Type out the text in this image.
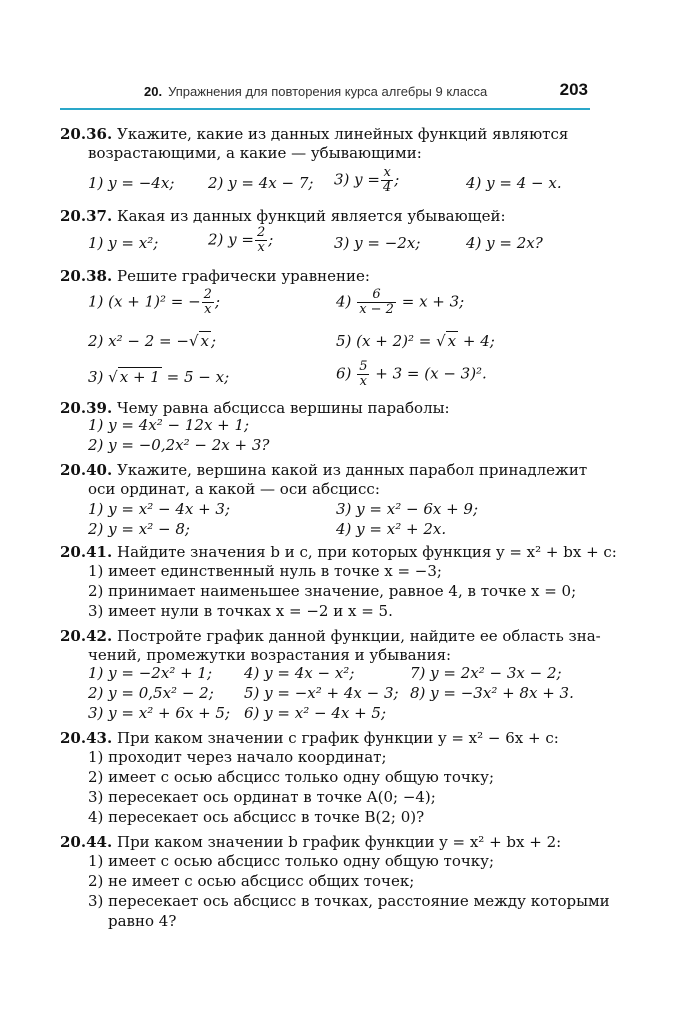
20. Упражнения для повторения курса алгебры 9 класса	203
20.36. Укажите, какие из данных линейных функций являются
возрастающими, а какие — убывающими:
1) y = −4x; 2) y = 4x − 7; 3) $y = \frac{x}{4}$ ;	4) y = 4 − x.
20.37. Какая из данных функций является убывающей:
1) y = x²;	2) $y = \frac{2}{x}$ ;	3) y = −2x;	4) y = 2x?
20.38. Решите графически уравнение:
1) (x + 1)² = − $\frac{2}{x}$ ;	$4) \frac{6}{x - 2} = x + 3$;
2) x² − 2 = −√ x ;	5) (x + 2)² = √ x + 4;
3) √ x + 1 = 5 − x;	$6) \frac{5}{x} + 3 = (x - 3)^2$.
20.39. Чему равна абсцисса вершины параболы:
1) y = 4x² − 12x + 1;
2) y = −0,2x² − 2x + 3?
20.40. Укажите, вершина какой из данных парабол принадлежит
оси ординат, а какой — оси абсцисс:
1) y = x² − 4x + 3;	3) y = x² − 6x + 9;
2) y = x² − 8;	4) y = x² + 2x.
20.41. Найдите значения b и c, при которых функция y = x² + bx + c:
1) имеет единственный нуль в точке x = −3;
2) принимает наименьшее значение, равное 4, в точке x = 0;
3) имеет нули в точках x = −2 и x = 5.
20.42. Постройте график данной функции, найдите ее область зна-
чений, промежутки возрастания и убывания:
1) y = −2x² + 1; 4) y = 4x − x²;	7) y = 2x² − 3x − 2;
2) y = 0,5x² − 2; 5) y = −x² + 4x − 3; 8) y = −3x² + 8x + 3.
3) y = x² + 6x + 5; 6) y = x² − 4x + 5;
20.43. При каком значении c график функции y = x² − 6x + c:
1) проходит через начало координат;
2) имеет с осью абсцисс только одну общую точку;
3) пересекает ось ординат в точке A(0; −4);
4) пересекает ось абсцисс в точке B(2; 0)?
20.44. При каком значении b график функции y = x² + bx + 2:
1) имеет с осью абсцисс только одну общую точку;
2) не имеет с осью абсцисс общих точек;
3) пересекает ось абсцисс в точках, расстояние между которыми
равно 4?
